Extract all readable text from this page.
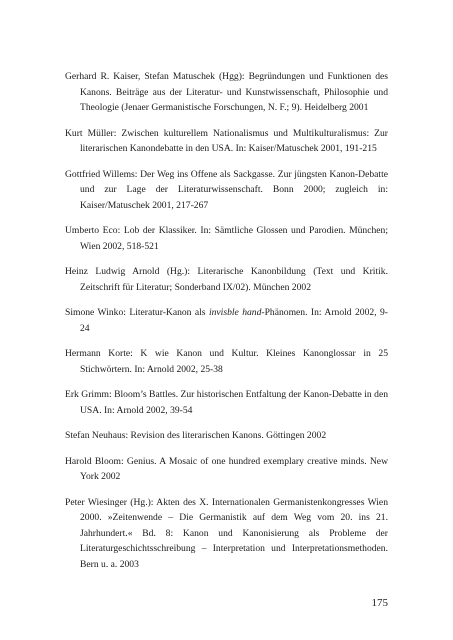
Gerhard R. Kaiser, Stefan Matuschek (Hgg): Begründungen und Funktionen des Kanons. Beiträge aus der Literatur- und Kunstwissenschaft, Philosophie und Theologie (Jenaer Germanistische Forschungen, N. F.; 9). Heidelberg 2001

Kurt Müller: Zwischen kulturellem Nationalismus und Multikulturalismus: Zur literarischen Kanondebatte in den USA. In: Kaiser/Matuschek 2001, 191-215

Gottfried Willems: Der Weg ins Offene als Sackgasse. Zur jüngsten Kanon-Debatte und zur Lage der Literaturwissenschaft. Bonn 2000; zugleich in: Kaiser/Matuschek 2001, 217-267

Umberto Eco: Lob der Klassiker. In: Sämtliche Glossen und Parodien. München; Wien 2002, 518-521

Heinz Ludwig Arnold (Hg.): Literarische Kanonbildung (Text und Kritik. Zeitschrift für Literatur; Sonderband IX/02). München 2002

Simone Winko: Literatur-Kanon als invisble hand-Phänomen. In: Arnold 2002, 9-24

Hermann Korte: K wie Kanon und Kultur. Kleines Kanonglossar in 25 Stichwörtern. In: Arnold 2002, 25-38

Erk Grimm: Bloom’s Battles. Zur historischen Entfaltung der Kanon-Debatte in den USA. In: Arnold 2002, 39-54

Stefan Neuhaus: Revision des literarischen Kanons. Göttingen 2002

Harold Bloom: Genius. A Mosaic of one hundred exemplary creative minds. New York 2002

Peter Wiesinger (Hg.): Akten des X. Internationalen Germanistenkongresses Wien 2000. »Zeitenwende – Die Germanistik auf dem Weg vom 20. ins 21. Jahrhundert.« Bd. 8: Kanon und Kanonisierung als Probleme der Literaturgeschichtsschreibung – Interpretation und Interpretationsmethoden. Bern u. a. 2003

175
